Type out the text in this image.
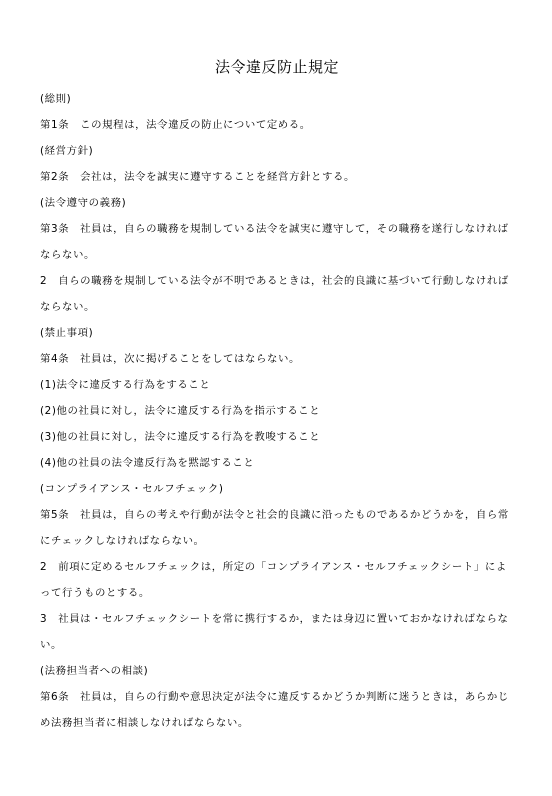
法令違反防止規定

(総則)

第1条　この規程は，法令違反の防止について定める。

(経営方針)

第2条　会社は，法令を誠実に遵守することを経営方針とする。

(法令遵守の義務)

第3条　社員は，自らの職務を規制している法令を誠実に遵守して，その職務を遂行しなければ

ならない。

2　自らの職務を規制している法令が不明であるときは，社会的良識に基づいて行動しなければ

ならない。

(禁止事項)

第4条　社員は，次に掲げることをしてはならない。

(1)法令に違反する行為をすること

(2)他の社員に対し，法令に違反する行為を指示すること

(3)他の社員に対し，法令に違反する行為を教唆すること

(4)他の社員の法令違反行為を黙認すること

(コンプライアンス・セルフチェック)

第5条　社員は，自らの考えや行動が法令と社会的良識に沿ったものであるかどうかを，自ら常

にチェックしなければならない。

2　前項に定めるセルフチェックは，所定の「コンプライアンス・セルフチェックシート」によ

って行うものとする。

3　社員は・セルフチェックシートを常に携行するか，または身辺に置いておかなければならな

い。

(法務担当者への相談)

第6条　社員は，自らの行動や意思決定が法令に違反するかどうか判断に迷うときは，あらかじ

め法務担当者に相談しなければならない。
